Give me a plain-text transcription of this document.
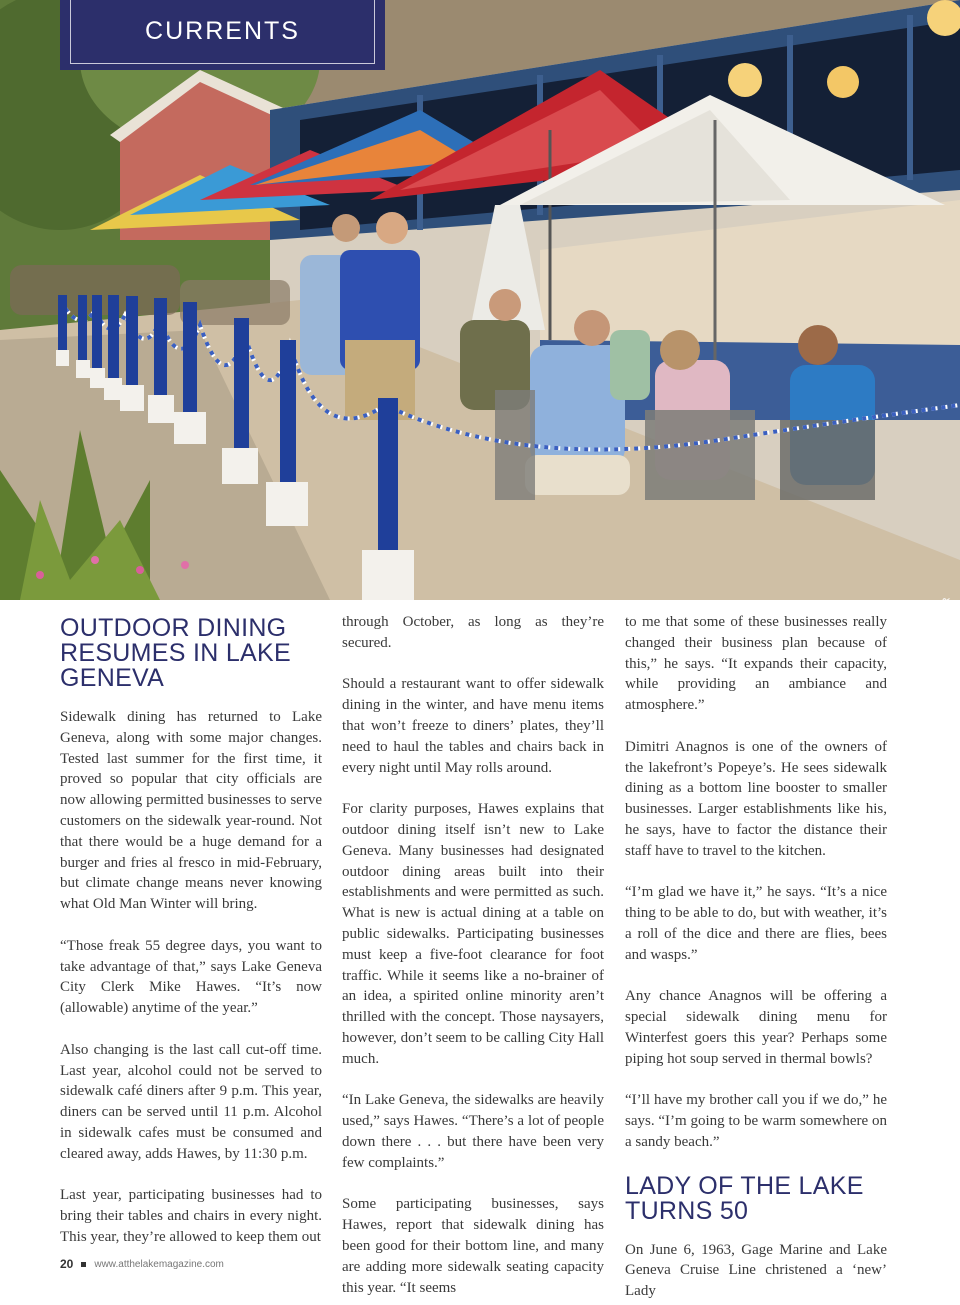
CURRENTS
©CLINT FARLINGER
OUTDOOR DINING RESUMES IN LAKE GENEVA

Sidewalk dining has returned to Lake Geneva, along with some major changes. Tested last summer for the first time, it proved so popular that city officials are now allowing permitted businesses to serve customers on the sidewalk year-round. Not that there would be a huge demand for a burger and fries al fresco in mid-February, but climate change means never knowing what Old Man Winter will bring.

“Those freak 55 degree days, you want to take advantage of that,” says Lake Geneva City Clerk Mike Hawes. “It’s now (allowable) anytime of the year.”

Also changing is the last call cut-off time. Last year, alcohol could not be served to sidewalk café diners after 9 p.m. This year, diners can be served until 11 p.m. Alcohol in sidewalk cafes must be consumed and cleared away, adds Hawes, by 11:30 p.m.

Last year, participating businesses had to bring their tables and chairs in every night. This year, they’re allowed to keep them out

through October, as long as they’re secured.

Should a restaurant want to offer sidewalk dining in the winter, and have menu items that won’t freeze to diners’ plates, they’ll need to haul the tables and chairs back in every night until May rolls around.

For clarity purposes, Hawes explains that outdoor dining itself isn’t new to Lake Geneva. Many businesses had designated outdoor dining areas built into their establishments and were permitted as such. What is new is actual dining at a table on public sidewalks. Participating businesses must keep a five-foot clearance for foot traffic. While it seems like a no-brainer of an idea, a spirited online minority aren’t thrilled with the concept. Those naysayers, however, don’t seem to be calling City Hall much.

“In Lake Geneva, the sidewalks are heavily used,” says Hawes. “There’s a lot of people down there . . . but there have been very few complaints.”

Some participating businesses, says Hawes, report that sidewalk dining has been good for their bottom line, and many are adding more sidewalk seating capacity this year. “It seems

to me that some of these businesses really changed their business plan because of this,” he says. “It expands their capacity, while providing an ambiance and atmosphere.”

Dimitri Anagnos is one of the owners of the lakefront’s Popeye’s. He sees sidewalk dining as a bottom line booster to smaller businesses. Larger establishments like his, he says, have to factor the distance their staff have to travel to the kitchen.

“I’m glad we have it,” he says. “It’s a nice thing to be able to do, but with weather, it’s a roll of the dice and there are flies, bees and wasps.”

Any chance Anagnos will be offering a special sidewalk dining menu for Winterfest goers this year? Perhaps some piping hot soup served in thermal bowls?

“I’ll have my brother call you if we do,” he says. “I’m going to be warm somewhere on a sandy beach.”

LADY OF THE LAKE TURNS 50

On June 6, 1963, Gage Marine and Lake Geneva Cruise Line christened a ‘new’ Lady

20 www.atthelakemagazine.com
